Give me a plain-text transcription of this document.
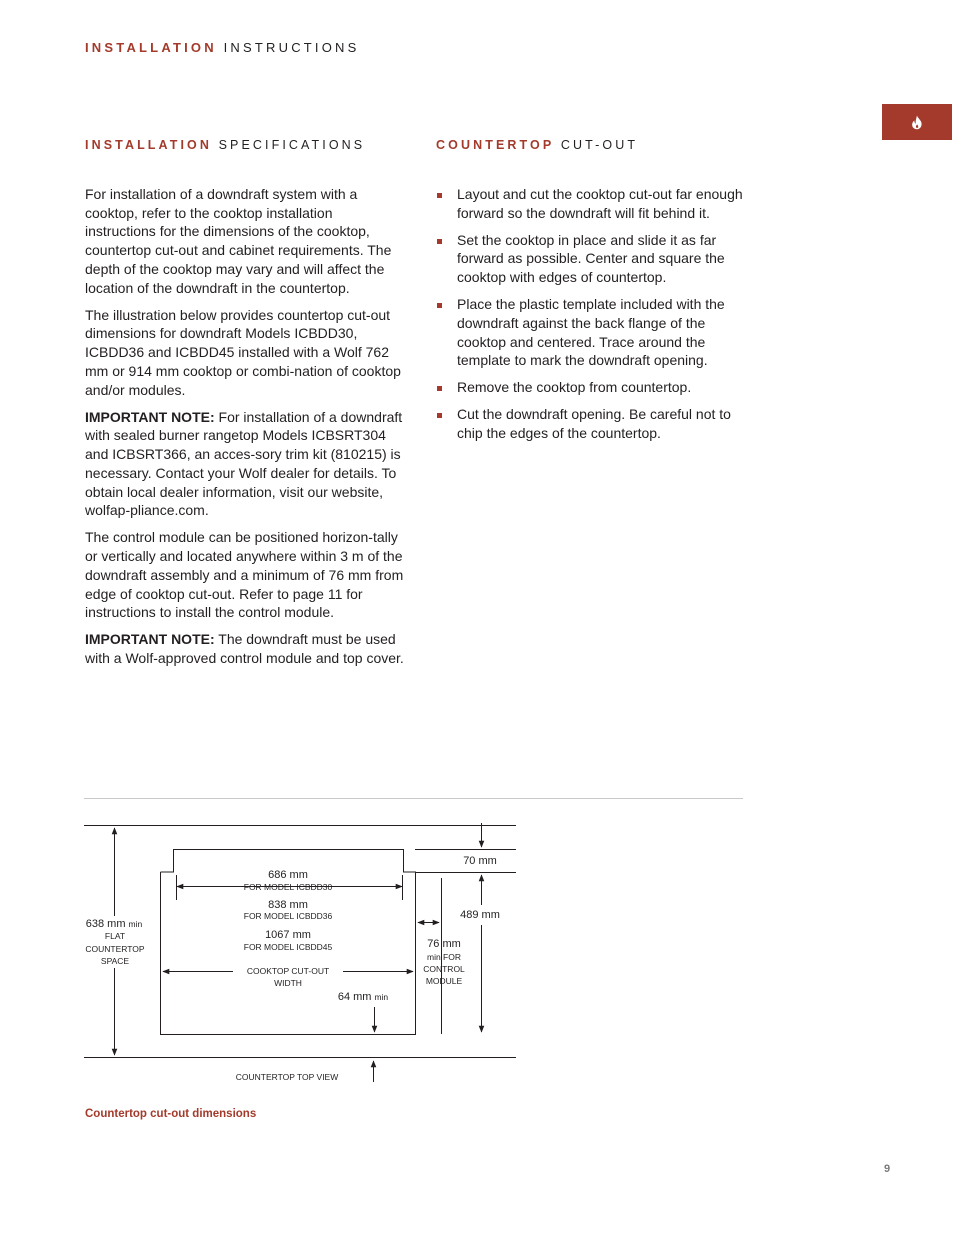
INSTALLATION INSTRUCTIONS
INSTALLATION SPECIFICATIONS	COUNTERTOP CUT-OUT

For installation of a downdraft system with a cooktop, refer to the cooktop installation instructions for the dimensions of the cooktop, countertop cut-out and cabinet requirements. The depth of the cooktop may vary and will affect the location of the downdraft in the countertop.

The illustration below provides countertop cut-out dimensions for downdraft Models ICBDD30, ICBDD36 and ICBDD45 installed with a Wolf 762 mm or 914 mm cooktop or combi-nation of cooktop and/or modules.

IMPORTANT NOTE: For installation of a downdraft with sealed burner rangetop Models ICBSRT304 and ICBSRT366, an acces-sory trim kit (810215) is necessary. Contact your Wolf dealer for details. To obtain local dealer information, visit our website, wolfap-pliance.com.

The control module can be positioned horizon-tally or vertically and located anywhere within 3 m of the downdraft assembly and a minimum of 76 mm from edge of cooktop cut-out. Refer to page 11 for instructions to install the control module.

IMPORTANT NOTE: The downdraft must be used with a Wolf-approved control module and top cover.

Layout and cut the cooktop cut-out far enough forward so the downdraft will fit behind it.
Set the cooktop in place and slide it as far forward as possible. Center and square the cooktop with edges of countertop.
Place the plastic template included with the downdraft against the back flange of the cooktop and centered. Trace around the template to mark the downdraft opening.
Remove the cooktop from countertop.
Cut the downdraft opening. Be careful not to chip the edges of the countertop.
686 mm
FOR MODEL ICBDD30
838 mm
FOR MODEL ICBDD36
1067 mm
FOR MODEL ICBDD45
COOKTOP CUT-OUT
WIDTH
64 mm min
638 mm min
FLAT
COUNTERTOP
SPACE
70 mm
489 mm
76 mm
min FOR
CONTROL
MODULE
COUNTERTOP TOP VIEW
Countertop cut-out dimensions
9
